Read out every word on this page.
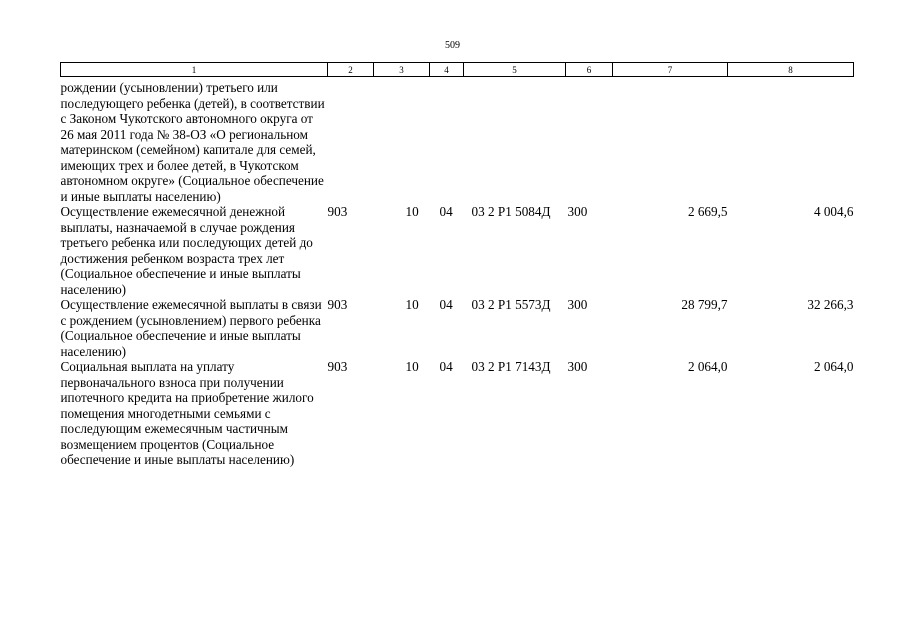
509
1	2	3	4	5	6	7	8
рождении (усыновлении) третьего или последующего ребенка (детей), в соответствии с Законом Чукотского автономного округа от 26 мая 2011 года № 38-ОЗ «О региональном материнском (семейном) капитале для семей, имеющих трех и более детей, в Чукотском автономном округе» (Социальное обеспечение и иные выплаты населению)							
Осуществление ежемесячной денежной выплаты, назначаемой в случае рождения третьего ребенка или последующих детей до достижения ребенком возраста трех лет (Социальное обеспечение и иные выплаты населению)	903	10	04	03 2 P1 5084Д	300	2 669,5	4 004,6
Осуществление ежемесячной выплаты в связи с рождением (усыновлением) первого ребенка (Социальное обеспечение и иные выплаты населению)	903	10	04	03 2 P1 5573Д	300	28 799,7	32 266,3
Социальная выплата на уплату первоначального взноса при получении ипотечного кредита на приобретение жилого помещения многодетными семьями с последующим ежемесячным частичным возмещением процентов (Социальное обеспечение и иные выплаты населению)	903	10	04	03 2 P1 7143Д	300	2 064,0	2 064,0
